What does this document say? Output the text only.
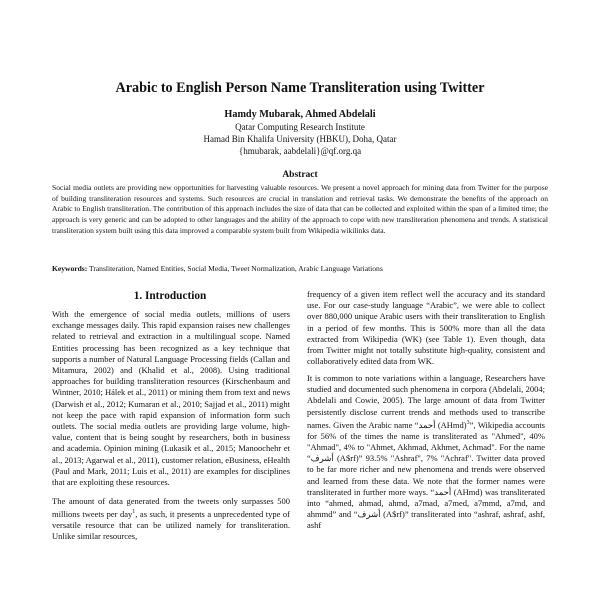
Arabic to English Person Name Transliteration using Twitter
Hamdy Mubarak, Ahmed Abdelali
Qatar Computing Research Institute
Hamad Bin Khalifa University (HBKU), Doha, Qatar
{hmubarak, aabdelali}@qf.org.qa
Abstract
Social media outlets are providing new opportunities for harvesting valuable resources. We present a novel approach for mining data from Twitter for the purpose of building transliteration resources and systems. Such resources are crucial in translation and retrieval tasks. We demonstrate the benefits of the approach on Arabic to English transliteration. The contribution of this approach includes the size of data that can be collected and exploited within the span of a limited time; the approach is very generic and can be adopted to other languages and the ability of the approach to cope with new transliteration phenomena and trends. A statistical transliteration system built using this data improved a comparable system built from Wikipedia wikilinks data.
Keywords: Transliteration, Named Entities, Social Media, Tweet Normalization, Arabic Language Variations
1. Introduction

With the emergence of social media outlets, millions of users exchange messages daily. This rapid expansion raises new challenges related to retrieval and extraction in a multilingual scope. Named Entities processing has been recognized as a key technique that supports a number of Natural Language Processing fields (Callan and Mitamura, 2002) and (Khalid et al., 2008). Using traditional approaches for building transliteration resources (Kirschenbaum and Wintner, 2010; Hálek et al., 2011) or mining them from text and news (Darwish et al., 2012; Kumaran et al., 2010; Sajjad et al., 2011) might not keep the pace with rapid expansion of information form such outlets. The social media outlets are providing large volume, high-value, content that is being sought by researchers, both in business and academia. Opinion mining (Lukasik et al., 2015; Manoochehr et al., 2013; Agarwal et al., 2011), customer relation, eBusiness, eHealth (Paul and Mark, 2011; Luis et al., 2011) are examples for disciplines that are exploiting these resources.

The amount of data generated from the tweets only surpasses 500 millions tweets per day$^1$, as such, it presents a unprecedented type of versatile resource that can be utilized namely for transliteration. Unlike similar resources,

frequency of a given item reflect well the accuracy and its standard use. For our case-study language “Arabic”, we were able to collect over 880,000 unique Arabic users with their transliteration to English in a period of few months. This is 500% more than all the data extracted from Wikipedia (WK) (see Table 1). Even though, data from Twitter might not totally substitute high-quality, consistent and collaboratively edited data from WK.

It is common to note variations within a language, Researchers have studied and documented such phenomena in corpora (Abdelali, 2004; Abdelali and Cowie, 2005). The large amount of data from Twitter persistently disclose current trends and methods used to transcribe names. Given the Arabic name “أحمد (AHmd)$^3$”, Wikipedia accounts for 56% of the times the name is transliterated as "Ahmed", 40% "Ahmad", 4% to "Ahmet, Akhmad, Akhmet, Achmad". For the name “أشرف (A$rf)” 93.5% "Ashraf", 7% "Achraf". Twitter data proved to be far more richer and new phenomena and trends were observed and learned from these data. We note that the former names were transliterated in further more ways. “أحمد (AHmd) was transliterated into “ahmed, ahmad, ahmd, a7mad, a7med, a7mmd, a7md, and ahmmd” and “أشرف (A$rf)” transliterated into “ashraf, ashraf, ashf, ashf
